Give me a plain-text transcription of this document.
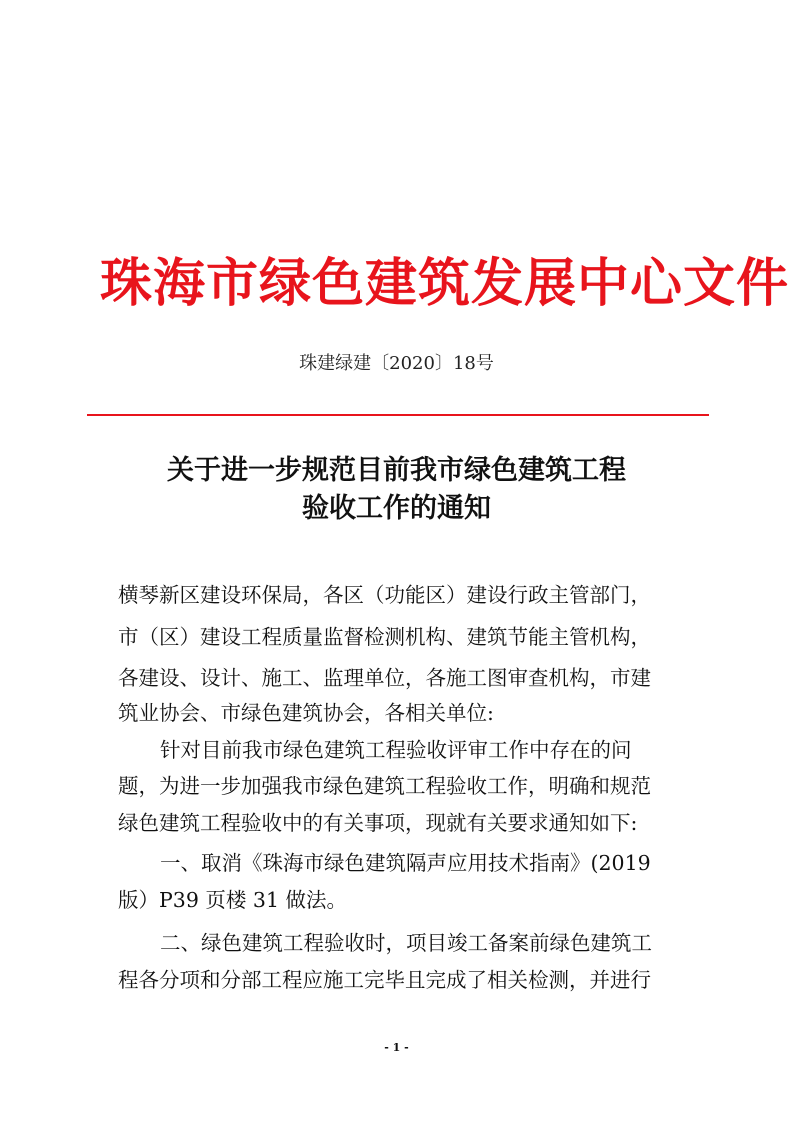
珠海市绿色建筑发展中心文件
珠建绿建〔2020〕18号
关于进一步规范目前我市绿色建筑工程
验收工作的通知
横琴新区建设环保局，各区（功能区）建设行政主管部门，
市（区）建设工程质量监督检测机构、建筑节能主管机构，
各建设、设计、施工、监理单位，各施工图审查机构，市建
筑业协会、市绿色建筑协会，各相关单位:
针对目前我市绿色建筑工程验收评审工作中存在的问
题，为进一步加强我市绿色建筑工程验收工作，明确和规范
绿色建筑工程验收中的有关事项，现就有关要求通知如下:
一、取消《珠海市绿色建筑隔声应用技术指南》(2019
版）P39 页楼 31 做法。
二、绿色建筑工程验收时，项目竣工备案前绿色建筑工
程各分项和分部工程应施工完毕且完成了相关检测，并进行
- 1 -
